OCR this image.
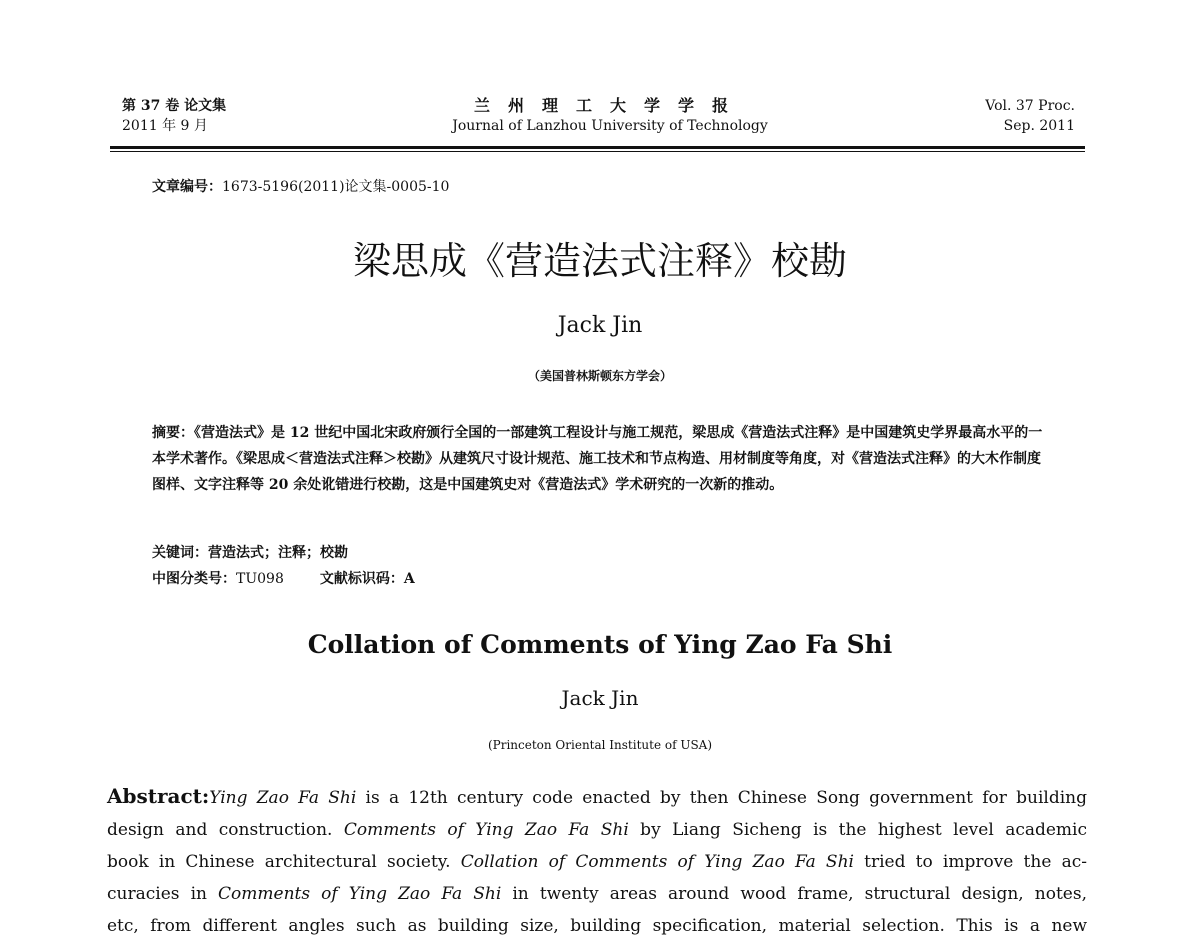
第 37 卷 论文集
2011 年 9 月
兰州理工大学学报
Journal of Lanzhou University of Technology
Vol. 37 Proc.
Sep. 2011
文章编号：1673-5196(2011)论文集-0005-10
梁思成《营造法式注释》校勘
Jack Jin
（美国普林斯顿东方学会）
摘要：《营造法式》是 12 世纪中国北宋政府颁行全国的一部建筑工程设计与施工规范，梁思成《营造法式注释》是中国建筑史学界最高水平的一本学术著作。《梁思成＜营造法式注释＞校勘》从建筑尺寸设计规范、施工技术和节点构造、用材制度等角度，对《营造法式注释》的大木作制度图样、文字注释等 20 余处讹错进行校勘，这是中国建筑史对《营造法式》学术研究的一次新的推动。
关键词：营造法式；注释；校勘
中图分类号：TU098	文献标识码：A
Collation of Comments of Ying Zao Fa Shi
Jack Jin
(Princeton Oriental Institute of USA)
Abstract:Ying Zao Fa Shi is a 12th century code enacted by then Chinese Song government for building
design and construction. Comments of Ying Zao Fa Shi by Liang Sicheng is the highest level academic
book in Chinese architectural society. Collation of Comments of Ying Zao Fa Shi tried to improve the ac-
curacies in Comments of Ying Zao Fa Shi in twenty areas around wood frame, structural design, notes,
etc, from different angles such as building size, building specification, material selection. This is a new
